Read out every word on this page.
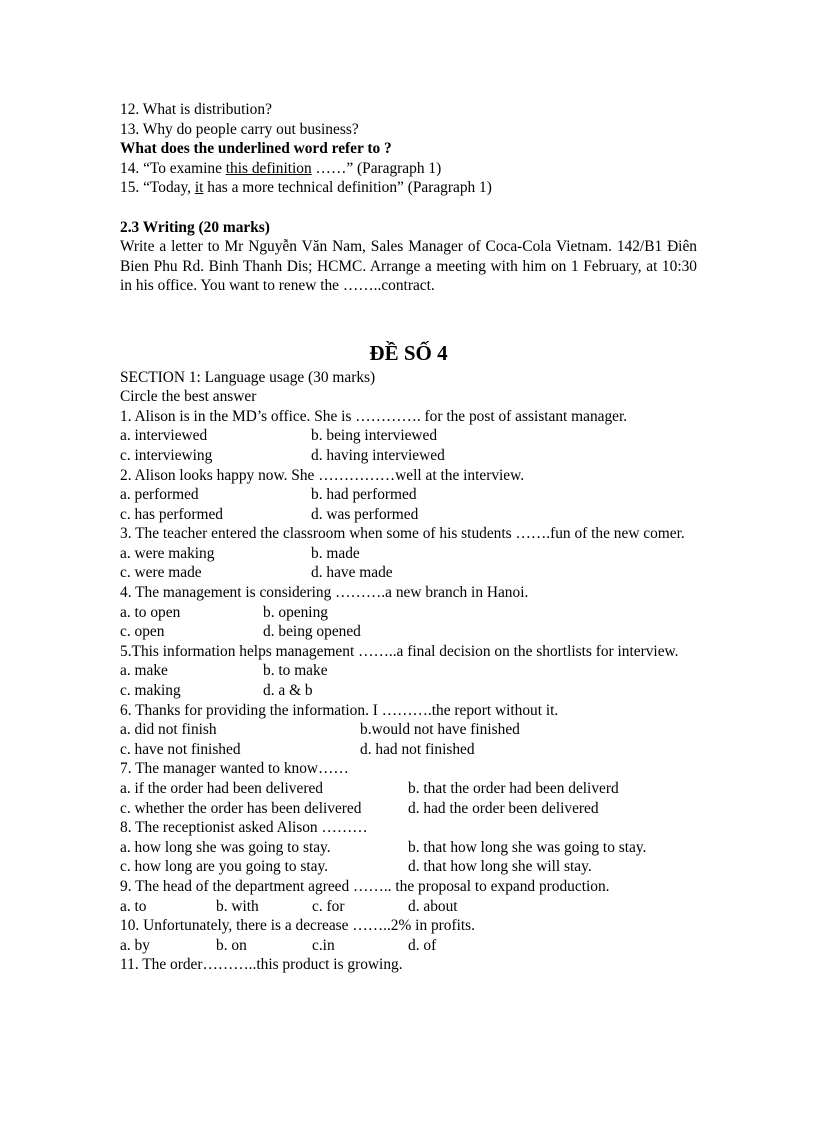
12. What is distribution?
13. Why do people carry out business?
What does the underlined word refer to ?
14. “To examine this definition ……” (Paragraph 1)
15. “Today, it has a more technical definition” (Paragraph 1)
2.3 Writing (20 marks)
Write a letter to Mr Nguyễn Văn Nam, Sales Manager of Coca-Cola Vietnam. 142/B1 Điên Bien Phu Rd. Binh Thanh Dis; HCMC. Arrange a meeting with him on 1 February, at 10:30 in his office. You want to renew the ……..contract.
ĐỀ SỐ 4
SECTION 1: Language usage (30 marks)
Circle the best answer
1. Alison is in the MD’s office. She is …………. for the post of assistant manager.
a. interviewed	b. being interviewed
c. interviewing	d. having interviewed
2. Alison looks happy now. She ……………well at the interview.
a. performed	b. had performed
c. has performed	d. was performed
3. The teacher entered the classroom when some of his students …….fun of the new comer.
a. were making	b. made
c. were made	d. have made
4. The management is considering ……….a new branch in Hanoi.
a. to open	b. opening
c. open	d. being opened
5.This information helps management ……..a final decision on the shortlists for interview.
a. make	b. to make
c. making	d. a & b
6. Thanks for providing the information. I ……….the report without it.
a. did not finish	b.would not have finished
c. have not finished	d. had not finished
7. The manager wanted to know……
a. if the order had been delivered	b. that the order had been deliverd
c. whether the order has been delivered	d. had the order been delivered
8. The receptionist asked Alison ………
a. how long she was going to stay.	b. that how long she was going to stay.
c. how long are you going to stay.	d. that how long she will stay.
9. The head of the department agreed …….. the proposal to expand production.
a. to	b. with	c. for	d. about
10. Unfortunately, there is a decrease ……..2% in profits.
a. by	b. on	c.in	d. of
11. The order………..this product is growing.
